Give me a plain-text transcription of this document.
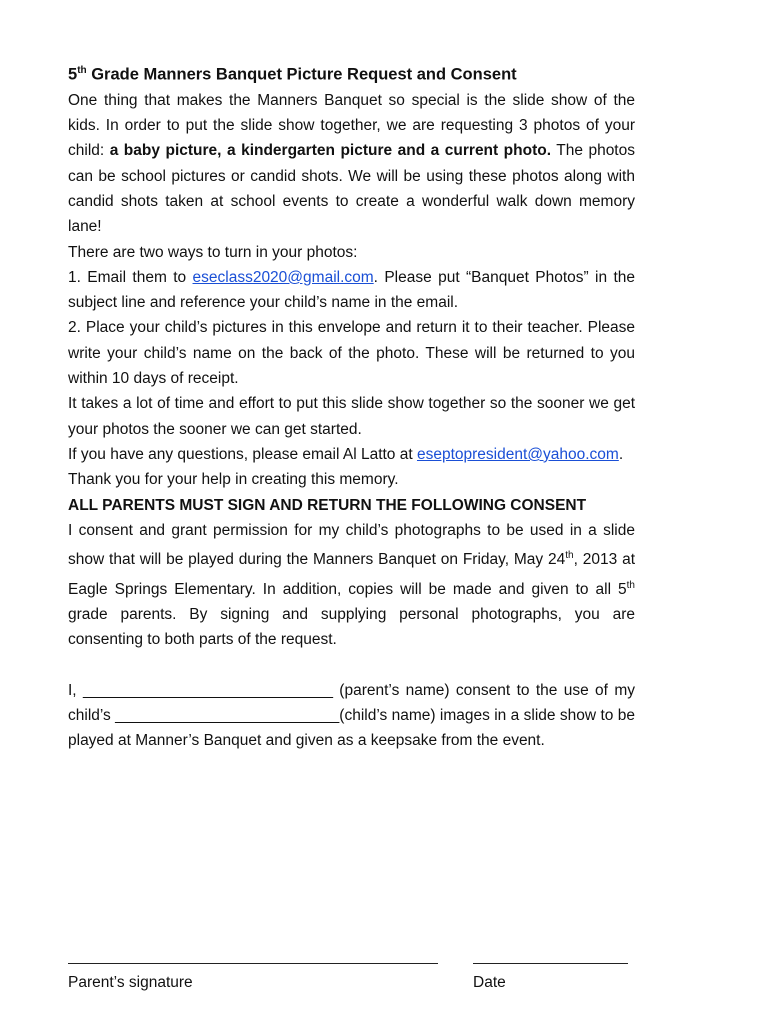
5th Grade Manners Banquet Picture Request and Consent

One thing that makes the Manners Banquet so special is the slide show of the kids. In order to put the slide show together, we are requesting 3 photos of your child: a baby picture, a kindergarten picture and a current photo. The photos can be school pictures or candid shots. We will be using these photos along with candid shots taken at school events to create a wonderful walk down memory lane!

There are two ways to turn in your photos:

1. Email them to eseclass2020@gmail.com. Please put “Banquet Photos” in the subject line and reference your child’s name in the email.

2. Place your child’s pictures in this envelope and return it to their teacher. Please write your child’s name on the back of the photo. These will be returned to you within 10 days of receipt.

It takes a lot of time and effort to put this slide show together so the sooner we get your photos the sooner we can get started.

If you have any questions, please email Al Latto at eseptopresident@yahoo.com.

Thank you for your help in creating this memory.

ALL PARENTS MUST SIGN AND RETURN THE FOLLOWING CONSENT

I consent and grant permission for my child’s photographs to be used in a slide show that will be played during the Manners Banquet on Friday, May 24th, 2013 at Eagle Springs Elementary. In addition, copies will be made and given to all 5th grade parents. By signing and supplying personal photographs, you are consenting to both parts of the request.

I, _____________________________ (parent’s name) consent to the use of my child’s __________________________(child’s name) images in a slide show to be played at Manner’s Banquet and given as a keepsake from the event.

Parent’s signature	Date
